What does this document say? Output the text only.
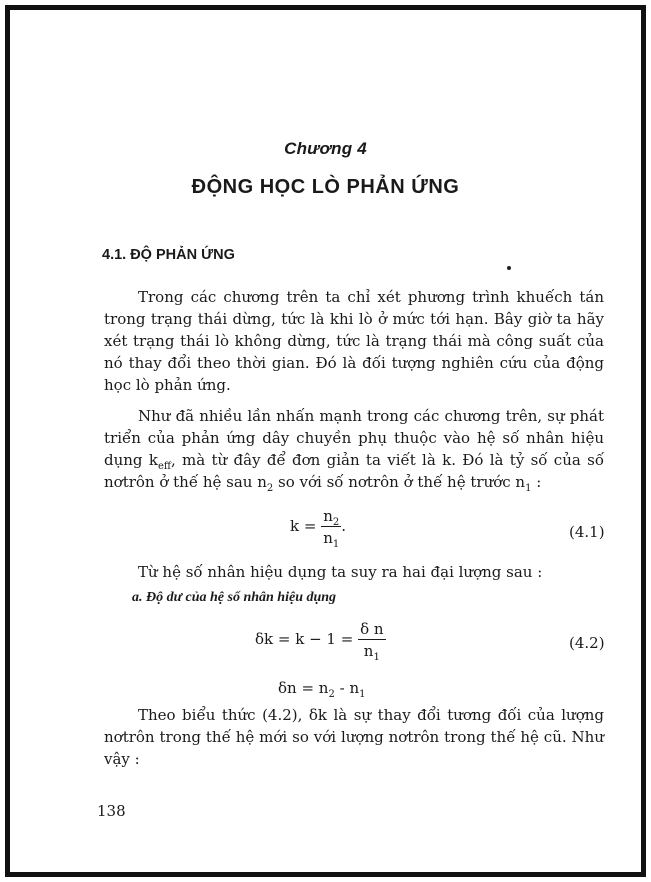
Chương 4
ĐỘNG HỌC LÒ PHẢN ỨNG
4.1. ĐỘ PHẢN ỨNG

Trong các chương trên ta chỉ xét phương trình khuếch tán trong trạng thái dừng, tức là khi lò ở mức tới hạn. Bây giờ ta hãy xét trạng thái lò không dừng, tức là trạng thái mà công suất của nó thay đổi theo thời gian. Đó là đối tượng nghiên cứu của động học lò phản ứng.

Như đã nhiều lần nhấn mạnh trong các chương trên, sự phát triển của phản ứng dây chuyền phụ thuộc vào hệ số nhân hiệu dụng $k_{eff}$, mà từ đây để đơn giản ta viết là k. Đó là tỷ số của số nơtrôn ở thế hệ sau $n_2$ so với số nơtrôn ở thế hệ trước $n_1$ :

$k = \frac{n_2}{n_1}$ .	(4.1)

Từ hệ số nhân hiệu dụng ta suy ra hai đại lượng sau :

a. Độ dư của hệ số nhân hiệu dụng
$\delta k = k - 1 = \frac{\text{δ n}}{n_1}$	(4.2)
$\delta n = n_2 - n_1$

Theo biểu thức (4.2), δk là sự thay đổi tương đối của lượng nơtrôn trong thế hệ mới so với lượng nơtrôn trong thế hệ cũ. Như vậy :

138
